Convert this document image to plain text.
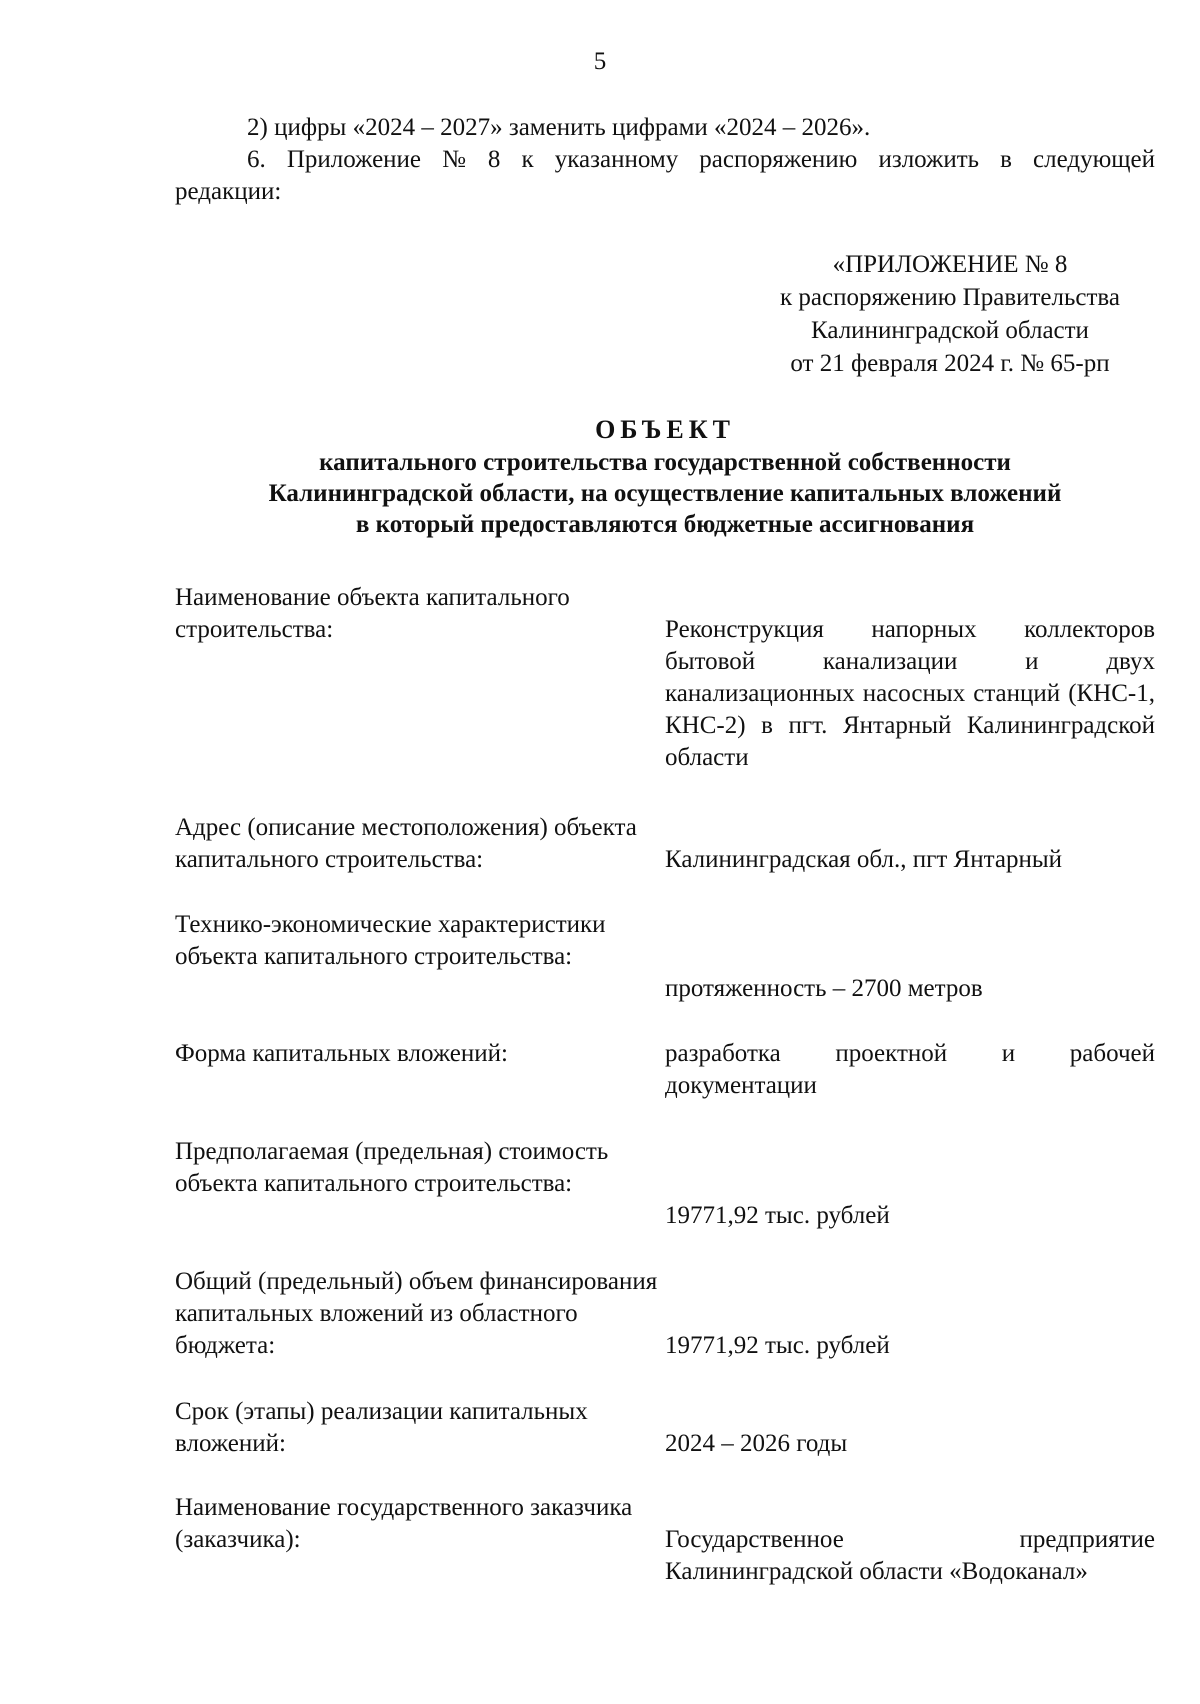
5
2) цифры «2024 – 2027» заменить цифрами «2024 – 2026».
6. Приложение № 8 к указанному распоряжению изложить в следующей редакции:
«ПРИЛОЖЕНИЕ № 8
к распоряжению Правительства
Калининградской области
от 21 февраля 2024 г. № 65-рп
ОБЪЕКТ
капитального строительства государственной собственности
Калининградской области, на осуществление капитальных вложений
в который предоставляются бюджетные ассигнования
Наименование объекта капитального строительства:	Реконструкция напорных коллекторов бытовой канализации и двух канализационных насосных станций (КНС-1, КНС-2) в пгт. Янтарный Калининградской области
Адрес (описание местоположения) объекта капитального строительства:	Калининградская обл., пгт Янтарный
Технико-экономические характеристики объекта капитального строительства:
протяженность – 2700 метров
Форма капитальных вложений:	разработка проектной и рабочей документации
Предполагаемая (предельная) стоимость объекта капитального строительства:
19771,92 тыс. рублей
Общий (предельный) объем финансирования капитальных вложений из областного бюджета:	19771,92 тыс. рублей
Срок (этапы) реализации капитальных вложений:	2024 – 2026 годы
Наименование государственного заказчика (заказчика):	Государственное предприятие Калининградской области «Водоканал»
